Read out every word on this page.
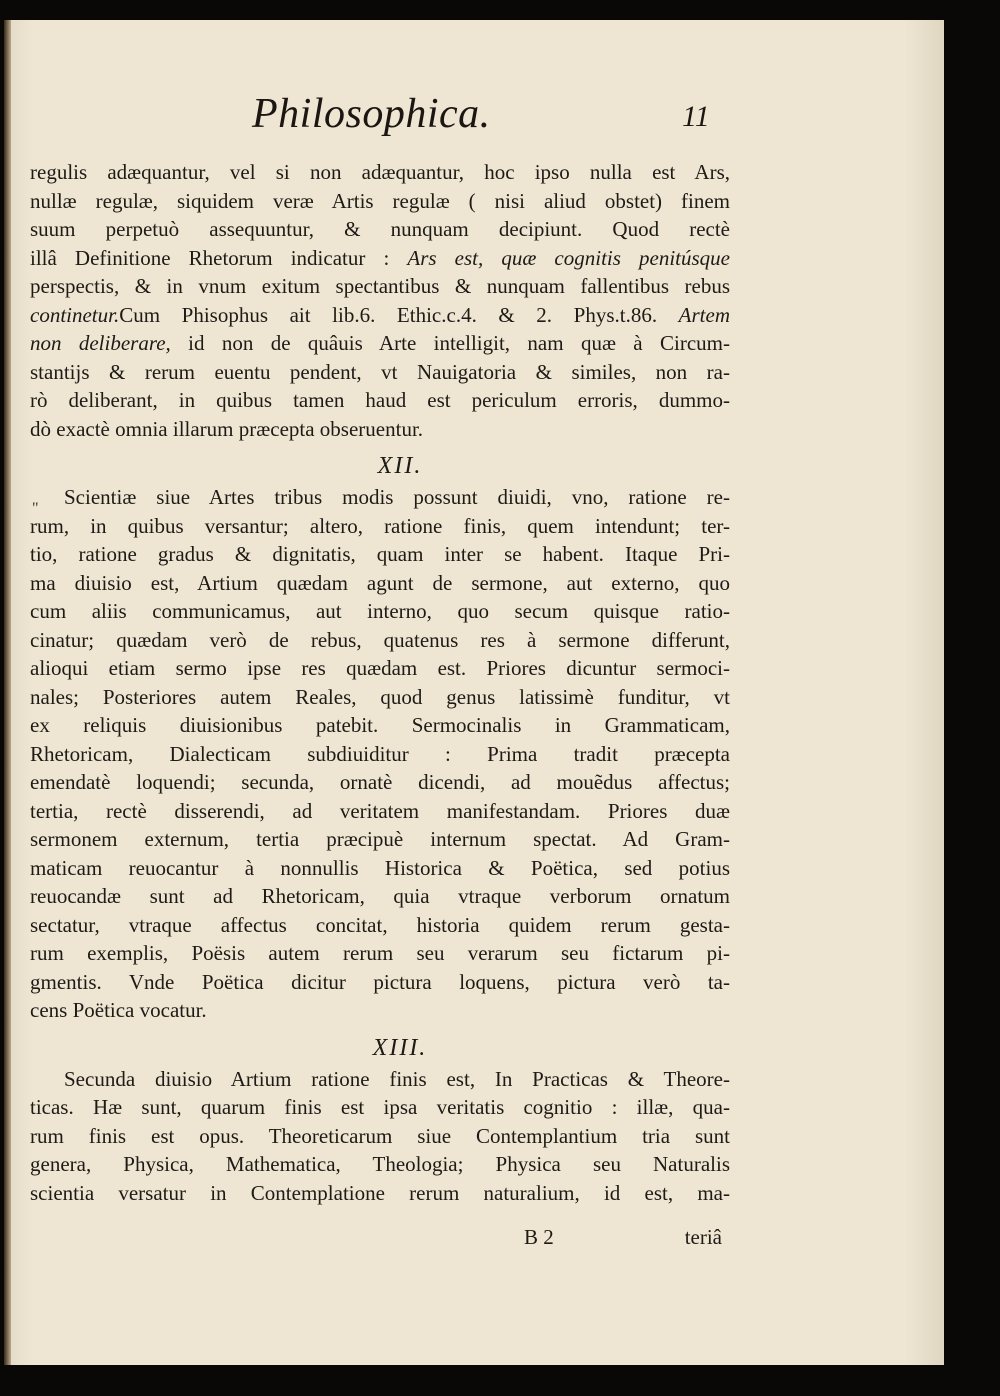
Philosophica.	11
regulis adæquantur, vel si non adæquantur, hoc ipso nulla est Ars,
nullæ regulæ, siquidem veræ Artis regulæ ( nisi aliud obstet) finem
suum perpetuò assequuntur, & nunquam decipiunt. Quod rectè
illâ Definitione Rhetorum indicatur : Ars est, quæ cognitis penitúsque
perspectis, & in vnum exitum spectantibus & nunquam fallentibus rebus
continetur.Cum Phisophus ait lib.6. Ethic.c.4. & 2. Phys.t.86. Artem
non deliberare, id non de quâuis Arte intelligit, nam quæ à Circum-
stantijs & rerum euentu pendent, vt Nauigatoria & similes, non ra-
rò deliberant, in quibus tamen haud est periculum erroris, dummo-
dò exactè omnia illarum præcepta obseruentur.
XII.
Scientiæ siue Artes tribus modis possunt diuidi, vno, ratione re-
rum, in quibus versantur; altero, ratione finis, quem intendunt; ter-
tio, ratione gradus & dignitatis, quam inter se habent. Itaque Pri-
ma diuisio est, Artium quædam agunt de sermone, aut externo, quo
cum aliis communicamus, aut interno, quo secum quisque ratio-
cinatur; quædam verò de rebus, quatenus res à sermone differunt,
alioqui etiam sermo ipse res quædam est. Priores dicuntur sermoci-
nales; Posteriores autem Reales, quod genus latissimè funditur, vt
ex reliquis diuisionibus patebit. Sermocinalis in Grammaticam,
Rhetoricam, Dialecticam subdiuiditur : Prima tradit præcepta
emendatè loquendi; secunda, ornatè dicendi, ad mouẽdus affectus;
tertia, rectè disserendi, ad veritatem manifestandam. Priores duæ
sermonem externum, tertia præcipuè internum spectat. Ad Gram-
maticam reuocantur à nonnullis Historica & Poëtica, sed potius
reuocandæ sunt ad Rhetoricam, quia vtraque verborum ornatum
sectatur, vtraque affectus concitat, historia quidem rerum gesta-
rum exemplis, Poësis autem rerum seu verarum seu fictarum pi-
gmentis. Vnde Poëtica dicitur pictura loquens, pictura verò ta-
cens Poëtica vocatur.
XIII.
Secunda diuisio Artium ratione finis est, In Practicas & Theore-
ticas. Hæ sunt, quarum finis est ipsa veritatis cognitio : illæ, qua-
rum finis est opus. Theoreticarum siue Contemplantium tria sunt
genera, Physica, Mathematica, Theologia; Physica seu Naturalis
scientia versatur in Contemplatione rerum naturalium, id est, ma-
"
B 2	teriâ
